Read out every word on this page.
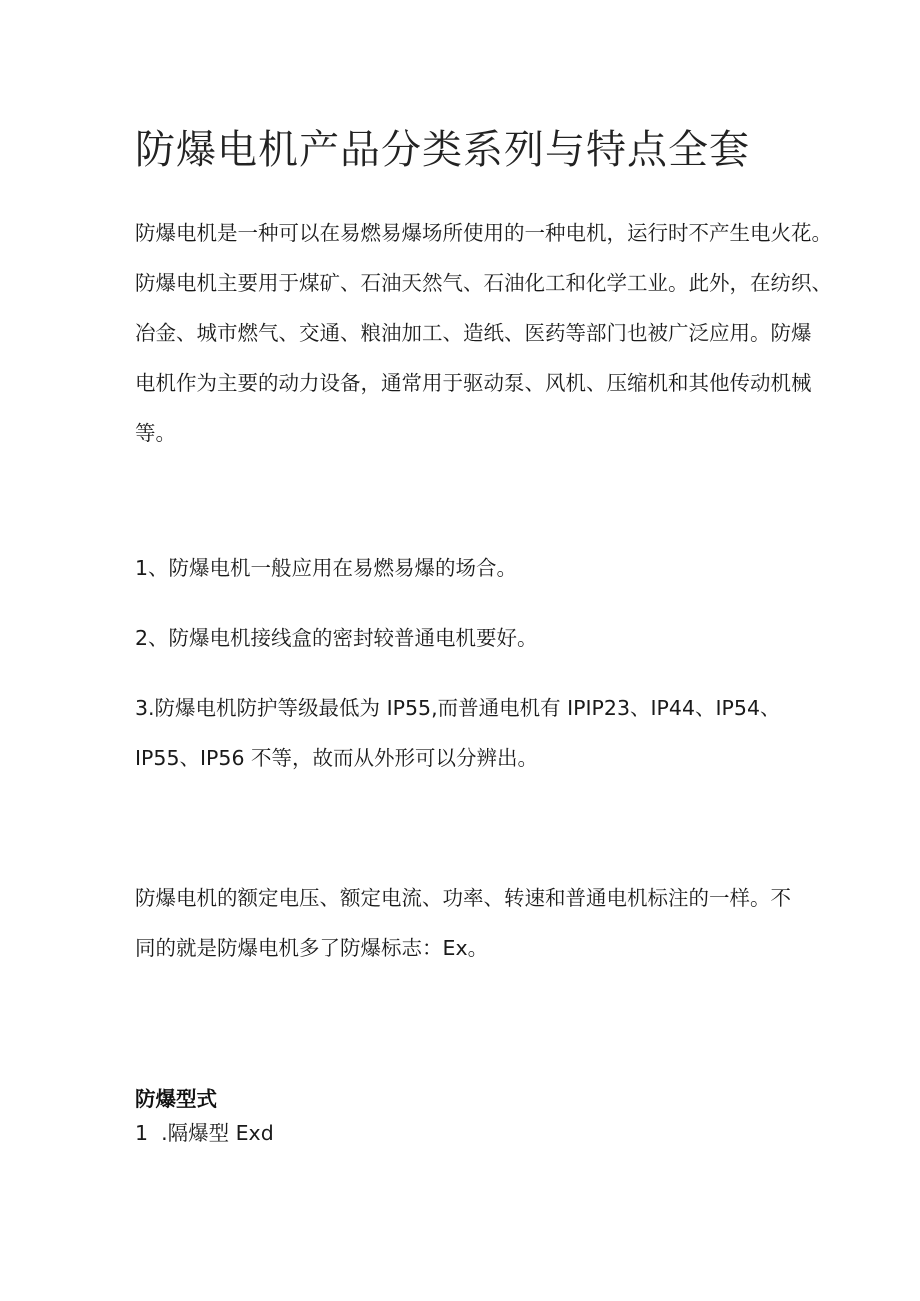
防爆电机产品分类系列与特点全套

防爆电机是一种可以在易燃易爆场所使用的一种电机，运行时不产生电火花。
防爆电机主要用于煤矿、石油天然气、石油化工和化学工业。此外，在纺织、
冶金、城市燃气、交通、粮油加工、造纸、医药等部门也被广泛应用。防爆
电机作为主要的动力设备，通常用于驱动泵、风机、压缩机和其他传动机械
等。

1、防爆电机一般应用在易燃易爆的场合。

2、防爆电机接线盒的密封较普通电机要好。

3.防爆电机防护等级最低为 IP55,而普通电机有 IPIP23、IP44、IP54、
IP55、IP56 不等，故而从外形可以分辨出。

防爆电机的额定电压、额定电流、功率、转速和普通电机标注的一样。不
同的就是防爆电机多了防爆标志：Ex。

防爆型式

1  .隔爆型 Exd
